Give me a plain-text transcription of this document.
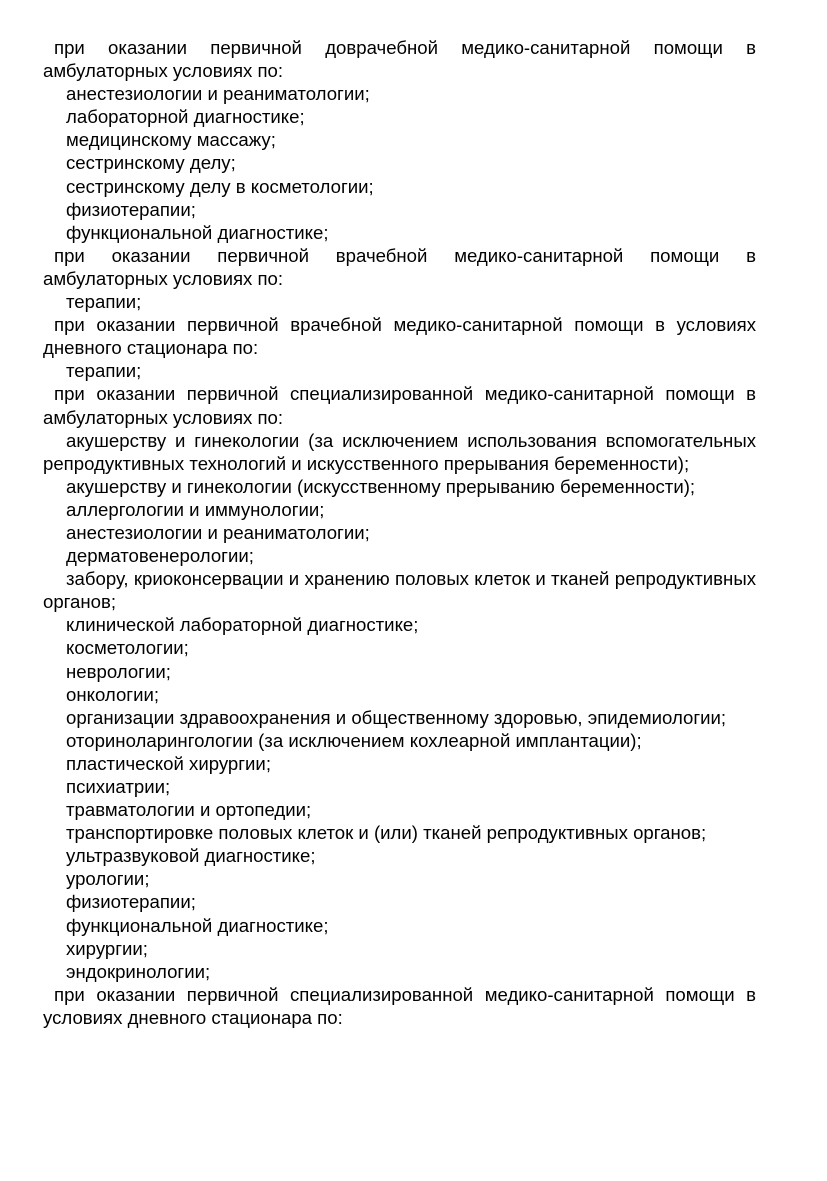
при оказании первичной доврачебной медико-санитарной помощи в амбулаторных условиях по:

анестезиологии и реаниматологии;

лабораторной диагностике;

медицинскому массажу;

сестринскому делу;

сестринскому делу в косметологии;

физиотерапии;

функциональной диагностике;

при оказании первичной врачебной медико-санитарной помощи в амбулаторных условиях по:

терапии;

при оказании первичной врачебной медико-санитарной помощи в условиях дневного стационара по:

терапии;

при оказании первичной специализированной медико-санитарной помощи в амбулаторных условиях по:

акушерству и гинекологии (за исключением использования вспомогательных репродуктивных технологий и искусственного прерывания беременности);

акушерству и гинекологии (искусственному прерыванию беременности);

аллергологии и иммунологии;

анестезиологии и реаниматологии;

дерматовенерологии;

забору, криоконсервации и хранению половых клеток и тканей репродуктивных органов;

клинической лабораторной диагностике;

косметологии;

неврологии;

онкологии;

организации здравоохранения и общественному здоровью, эпидемиологии;

оториноларингологии (за исключением кохлеарной имплантации);

пластической хирургии;

психиатрии;

травматологии и ортопедии;

транспортировке половых клеток и (или) тканей репродуктивных органов;

ультразвуковой диагностике;

урологии;

физиотерапии;

функциональной диагностике;

хирургии;

эндокринологии;

при оказании первичной специализированной медико-санитарной помощи в условиях дневного стационара по:
